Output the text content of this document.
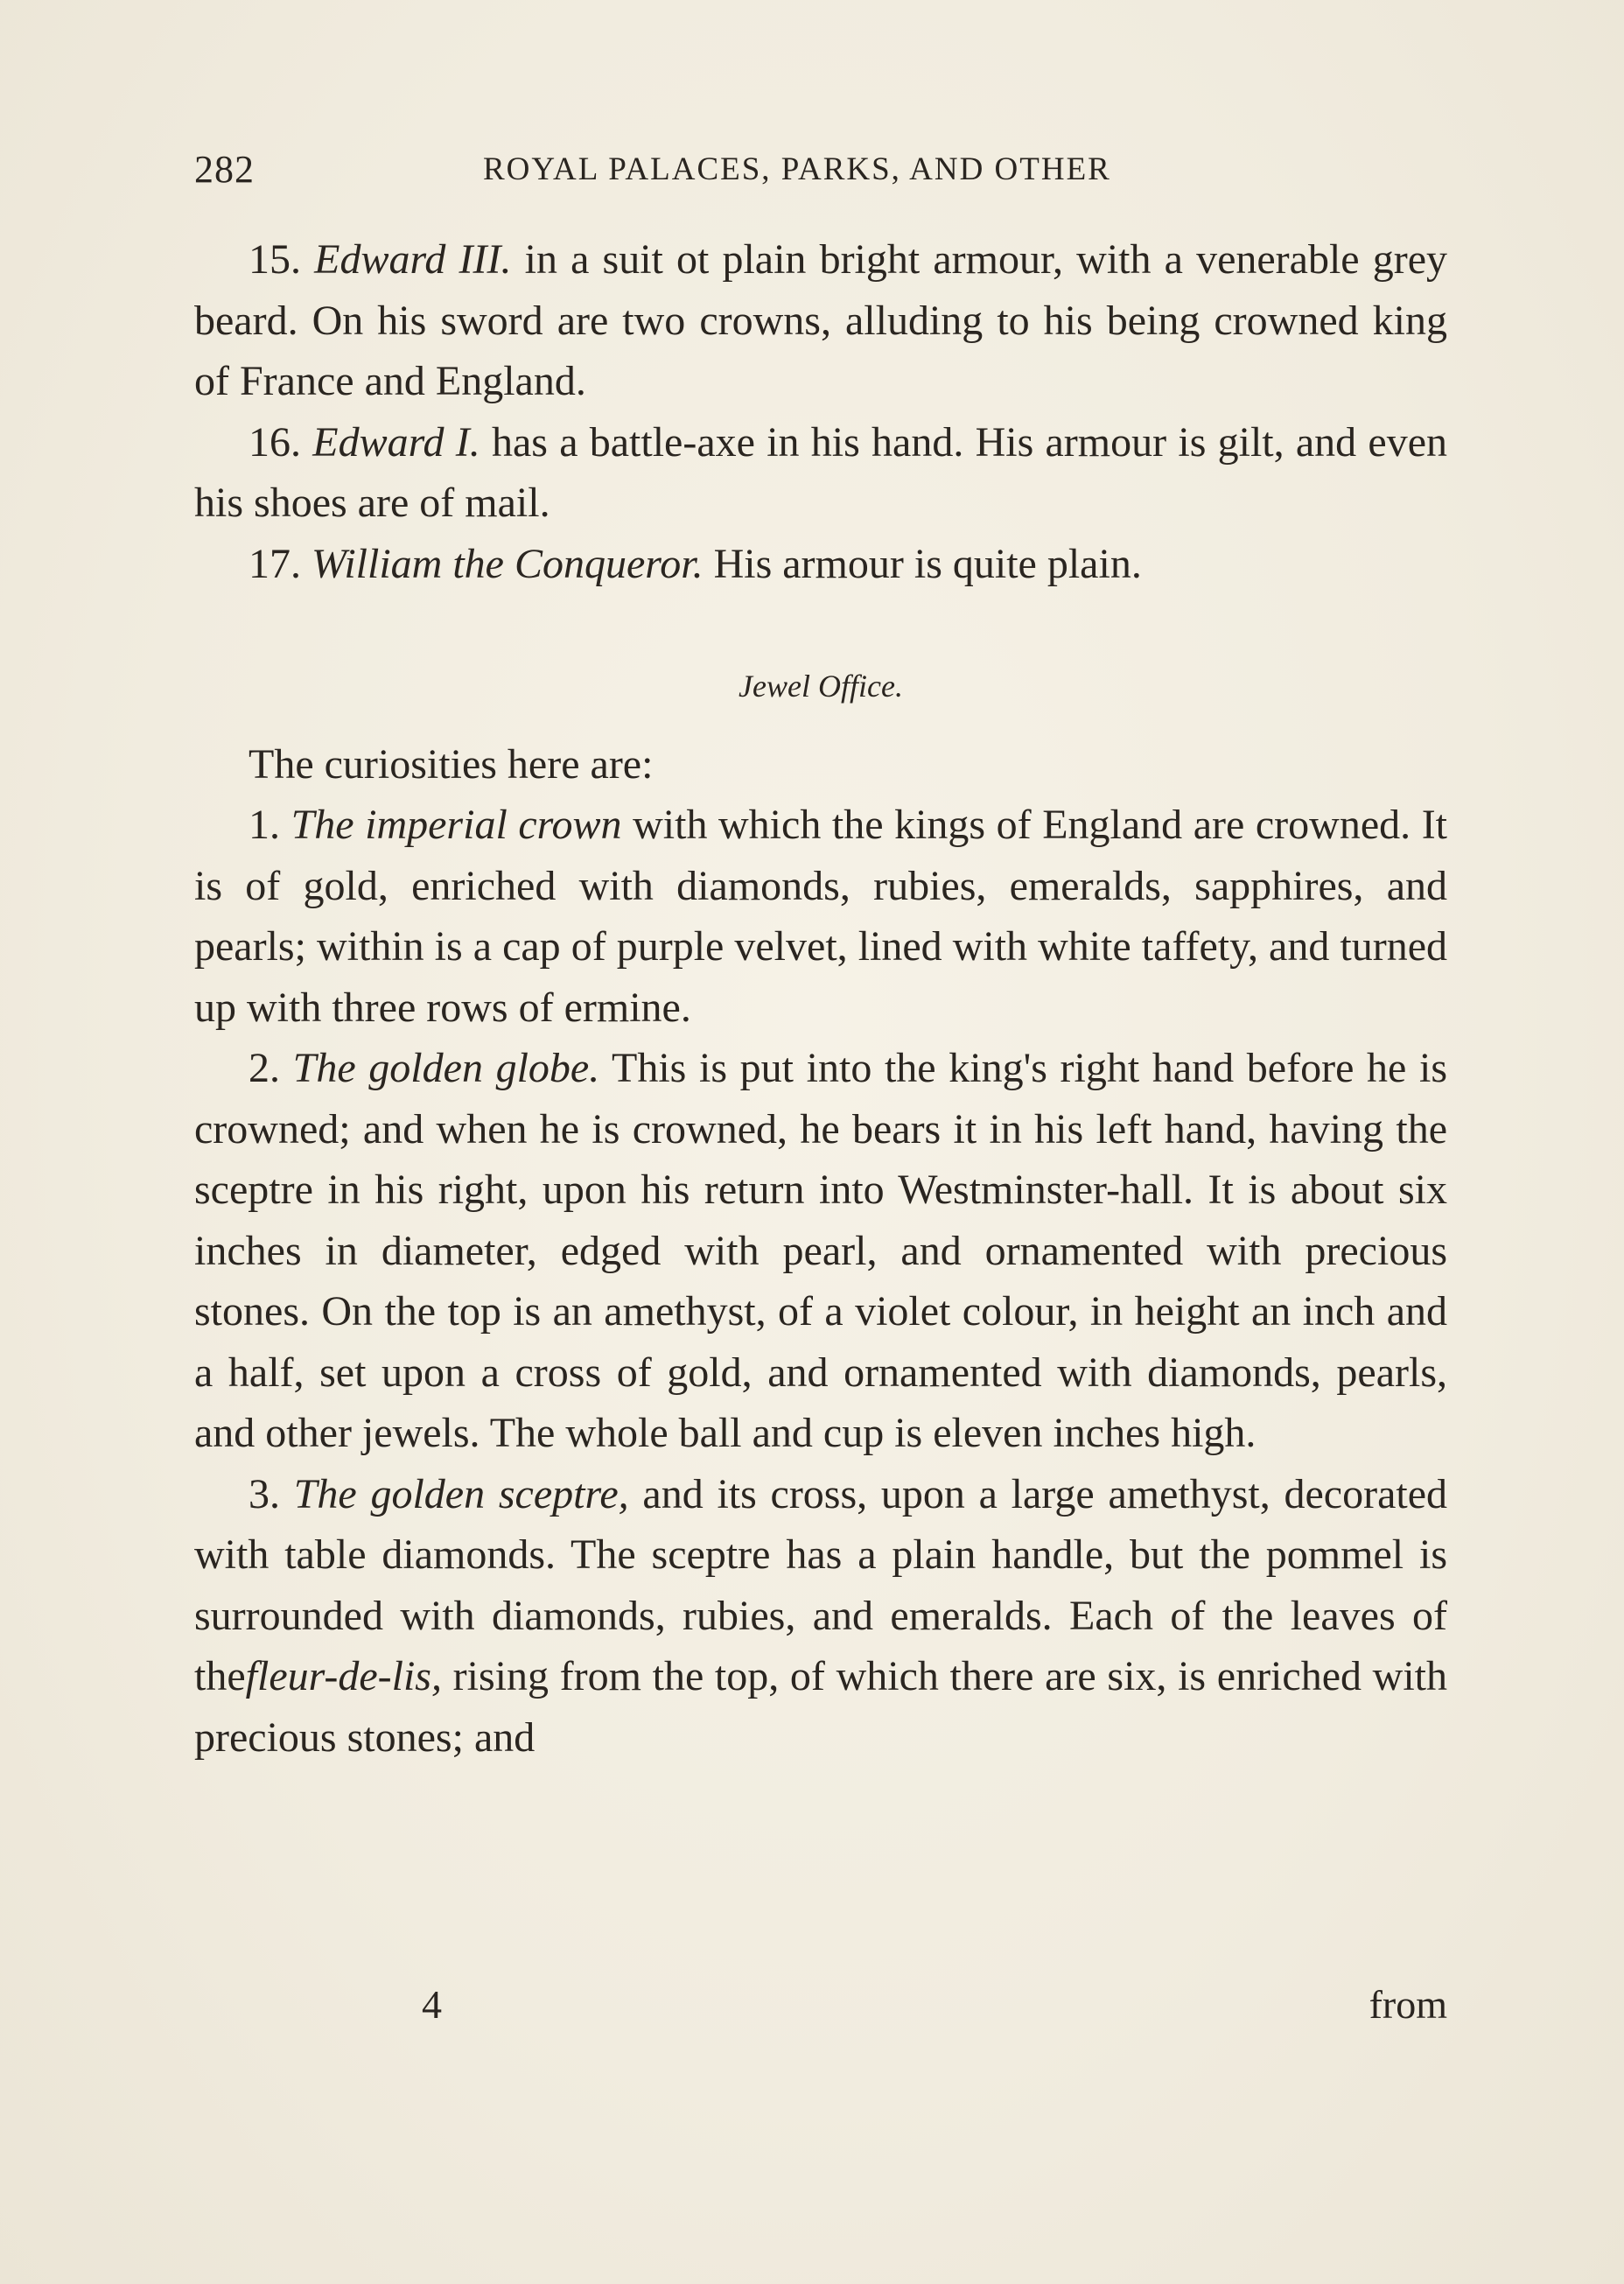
282	ROYAL PALACES, PARKS, AND OTHER

15. Edward III. in a suit ot plain bright armour, with a venerable grey beard. On his sword are two crowns, alluding to his being crowned king of France and England.

16. Edward I. has a battle-axe in his hand. His armour is gilt, and even his shoes are of mail.

17. William the Conqueror. His armour is quite plain.

Jewel Office.

The curiosities here are:

1. The imperial crown with which the kings of England are crowned. It is of gold, enriched with diamonds, rubies, emeralds, sapphires, and pearls; within is a cap of purple velvet, lined with white taffety, and turned up with three rows of ermine.

2. The golden globe. This is put into the king's right hand before he is crowned; and when he is crowned, he bears it in his left hand, having the sceptre in his right, upon his return into Westminster-hall. It is about six inches in diameter, edged with pearl, and ornamented with precious stones. On the top is an amethyst, of a violet colour, in height an inch and a half, set upon a cross of gold, and ornamented with diamonds, pearls, and other jewels. The whole ball and cup is eleven inches high.

3. The golden sceptre, and its cross, upon a large amethyst, decorated with table diamonds. The sceptre has a plain handle, but the pommel is surrounded with diamonds, rubies, and emeralds. Each of the leaves of thefleur-de-lis, rising from the top, of which there are six, is enriched with precious stones; and

4	from
